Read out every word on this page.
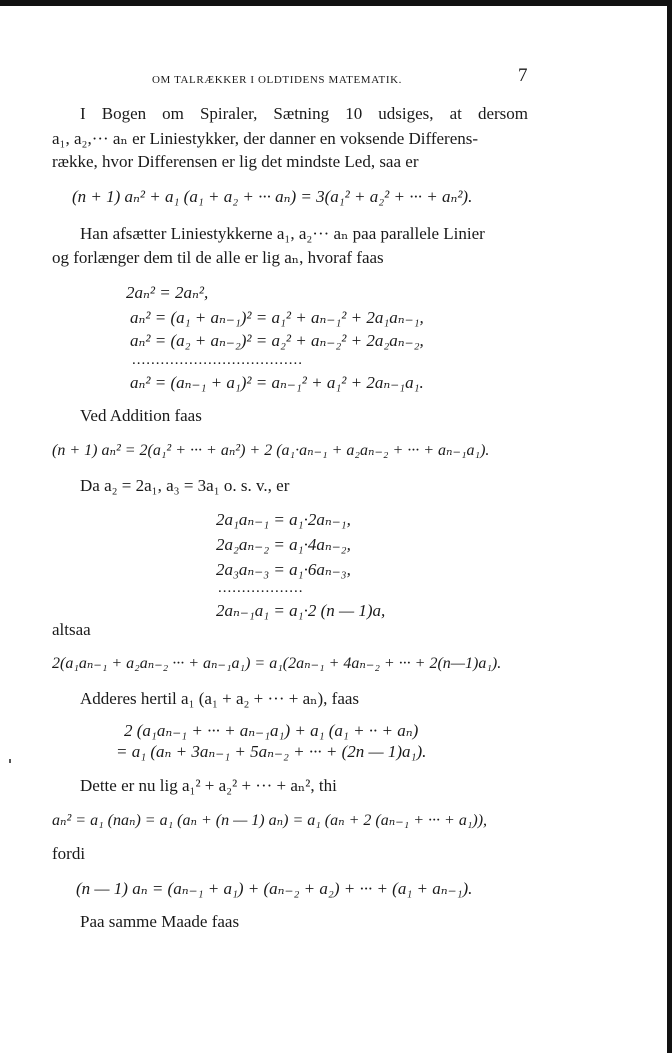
OM TALRÆKKER I OLDTIDENS MATEMATIK.	7
I Bogen om Spiraler, Sætning 10 udsiges, at dersom
a₁, a₂,··· aₙ er Liniestykker, der danner en voksende Differens-
række, hvor Differensen er lig det mindste Led, saa er
(n + 1) aₙ² + a₁ (a₁ + a₂ + ··· aₙ) = 3(a₁² + a₂² + ··· + aₙ²).
Han afsætter Liniestykkerne a₁, a₂··· aₙ paa parallele Linier
og forlænger dem til de alle er lig aₙ, hvoraf faas
2aₙ² = 2aₙ²,
aₙ² = (a₁ + aₙ₋₁)² = a₁² + aₙ₋₁² + 2a₁aₙ₋₁,
aₙ² = (a₂ + aₙ₋₂)² = a₂² + aₙ₋₂² + 2a₂aₙ₋₂,
....................................
aₙ² = (aₙ₋₁ + a₁)² = aₙ₋₁² + a₁² + 2aₙ₋₁a₁.
Ved Addition faas
(n + 1) aₙ² = 2(a₁² + ··· + aₙ²) + 2 (a₁·aₙ₋₁ + a₂aₙ₋₂ + ··· + aₙ₋₁a₁).
Da a₂ = 2a₁, a₃ = 3a₁ o. s. v., er
2a₁aₙ₋₁ = a₁·2aₙ₋₁,
2a₂aₙ₋₂ = a₁·4aₙ₋₂,
2a₃aₙ₋₃ = a₁·6aₙ₋₃,
..................
2aₙ₋₁a₁ = a₁·2 (n — 1)a,
altsaa
2(a₁aₙ₋₁ + a₂aₙ₋₂ ··· + aₙ₋₁a₁) = a₁(2aₙ₋₁ + 4aₙ₋₂ + ··· + 2(n—1)a₁).
Adderes hertil a₁ (a₁ + a₂ + ··· + aₙ), faas
2 (a₁aₙ₋₁ + ··· + aₙ₋₁a₁) + a₁ (a₁ + ·· + aₙ)
= a₁ (aₙ + 3aₙ₋₁ + 5aₙ₋₂ + ··· + (2n — 1)a₁).
Dette er nu lig a₁² + a₂² + ··· + aₙ², thi
aₙ² = a₁ (naₙ) = a₁ (aₙ + (n — 1) aₙ) = a₁ (aₙ + 2 (aₙ₋₁ + ··· + a₁)),
fordi
(n — 1) aₙ = (aₙ₋₁ + a₁) + (aₙ₋₂ + a₂) + ··· + (a₁ + aₙ₋₁).
Paa samme Maade faas
